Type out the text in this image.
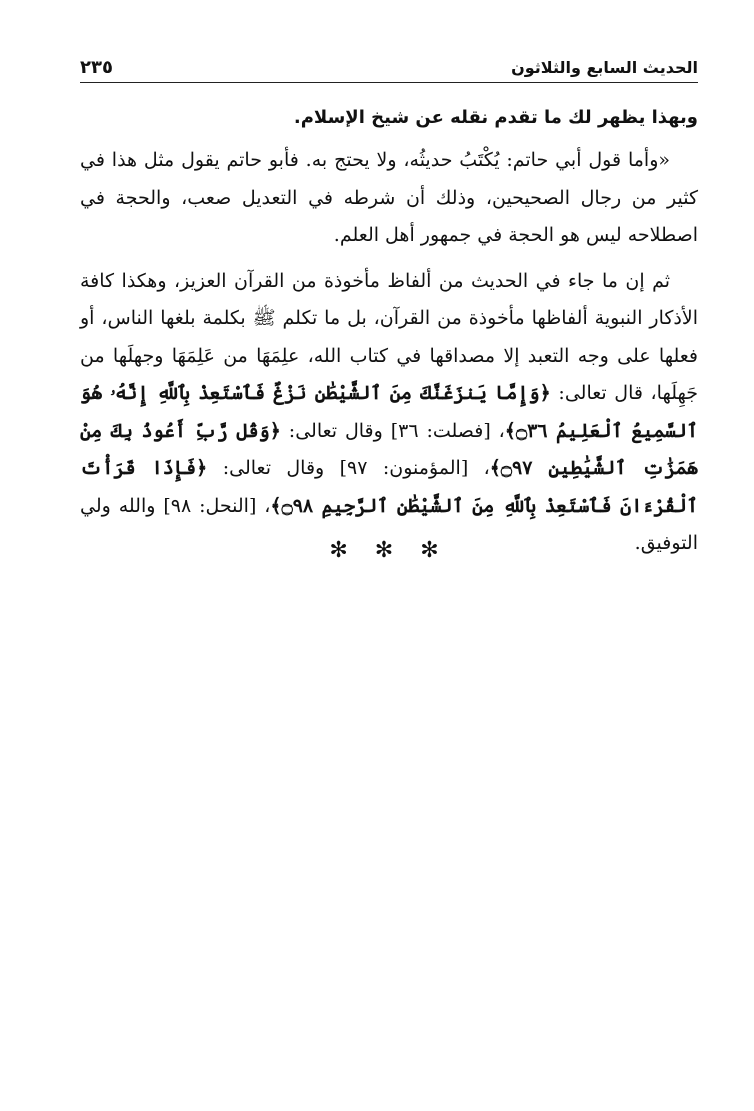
الحديث السابع والثلاثون
٢٣٥

وبهذا يظهر لك ما تقدم نقله عن شيخ الإسلام.

«وأما قول أبي حاتم: يُكْتَبُ حديثُه، ولا يحتج به. فأبو حاتم يقول مثل هذا في كثير من رجال الصحيحين، وذلك أن شرطه في التعديل صعب، والحجة في اصطلاحه ليس هو الحجة في جمهور أهل العلم.

ثم إن ما جاء في الحديث من ألفاظ مأخوذة من القرآن العزيز، وهكذا كافة الأذكار النبوية ألفاظها مأخوذة من القرآن، بل ما تكلم ﷺ بكلمة بلغها الناس، أو فعلها على وجه التعبد إلا مصداقها في كتاب الله، علِمَهَا من عَلِمَهَا وجهلَها من جَهِلَها، قال تعالى: ﴿وَإِمَّا يَنزَغَنَّكَ مِنَ ٱلشَّيْطَٰنِ نَزْغٌ فَٱسْتَعِذْ بِٱللَّهِ إِنَّهُۥ هُوَ ٱلسَّمِيعُ ٱلْعَلِيمُ ۝٣٦﴾، [فصلت: ٣٦] وقال تعالى: ﴿وَقُل رَّبِّ أَعُوذُ بِكَ مِنْ هَمَزَٰتِ ٱلشَّيَٰطِينِ ۝٩٧﴾، [المؤمنون: ٩٧] وقال تعالى: ﴿فَإِذَا قَرَأْتَ ٱلْقُرْءَانَ فَٱسْتَعِذْ بِٱللَّهِ مِنَ ٱلشَّيْطَٰنِ ٱلرَّجِيمِ ۝٩٨﴾، [النحل: ٩٨] والله ولي التوفيق.

✻ ✻ ✻
